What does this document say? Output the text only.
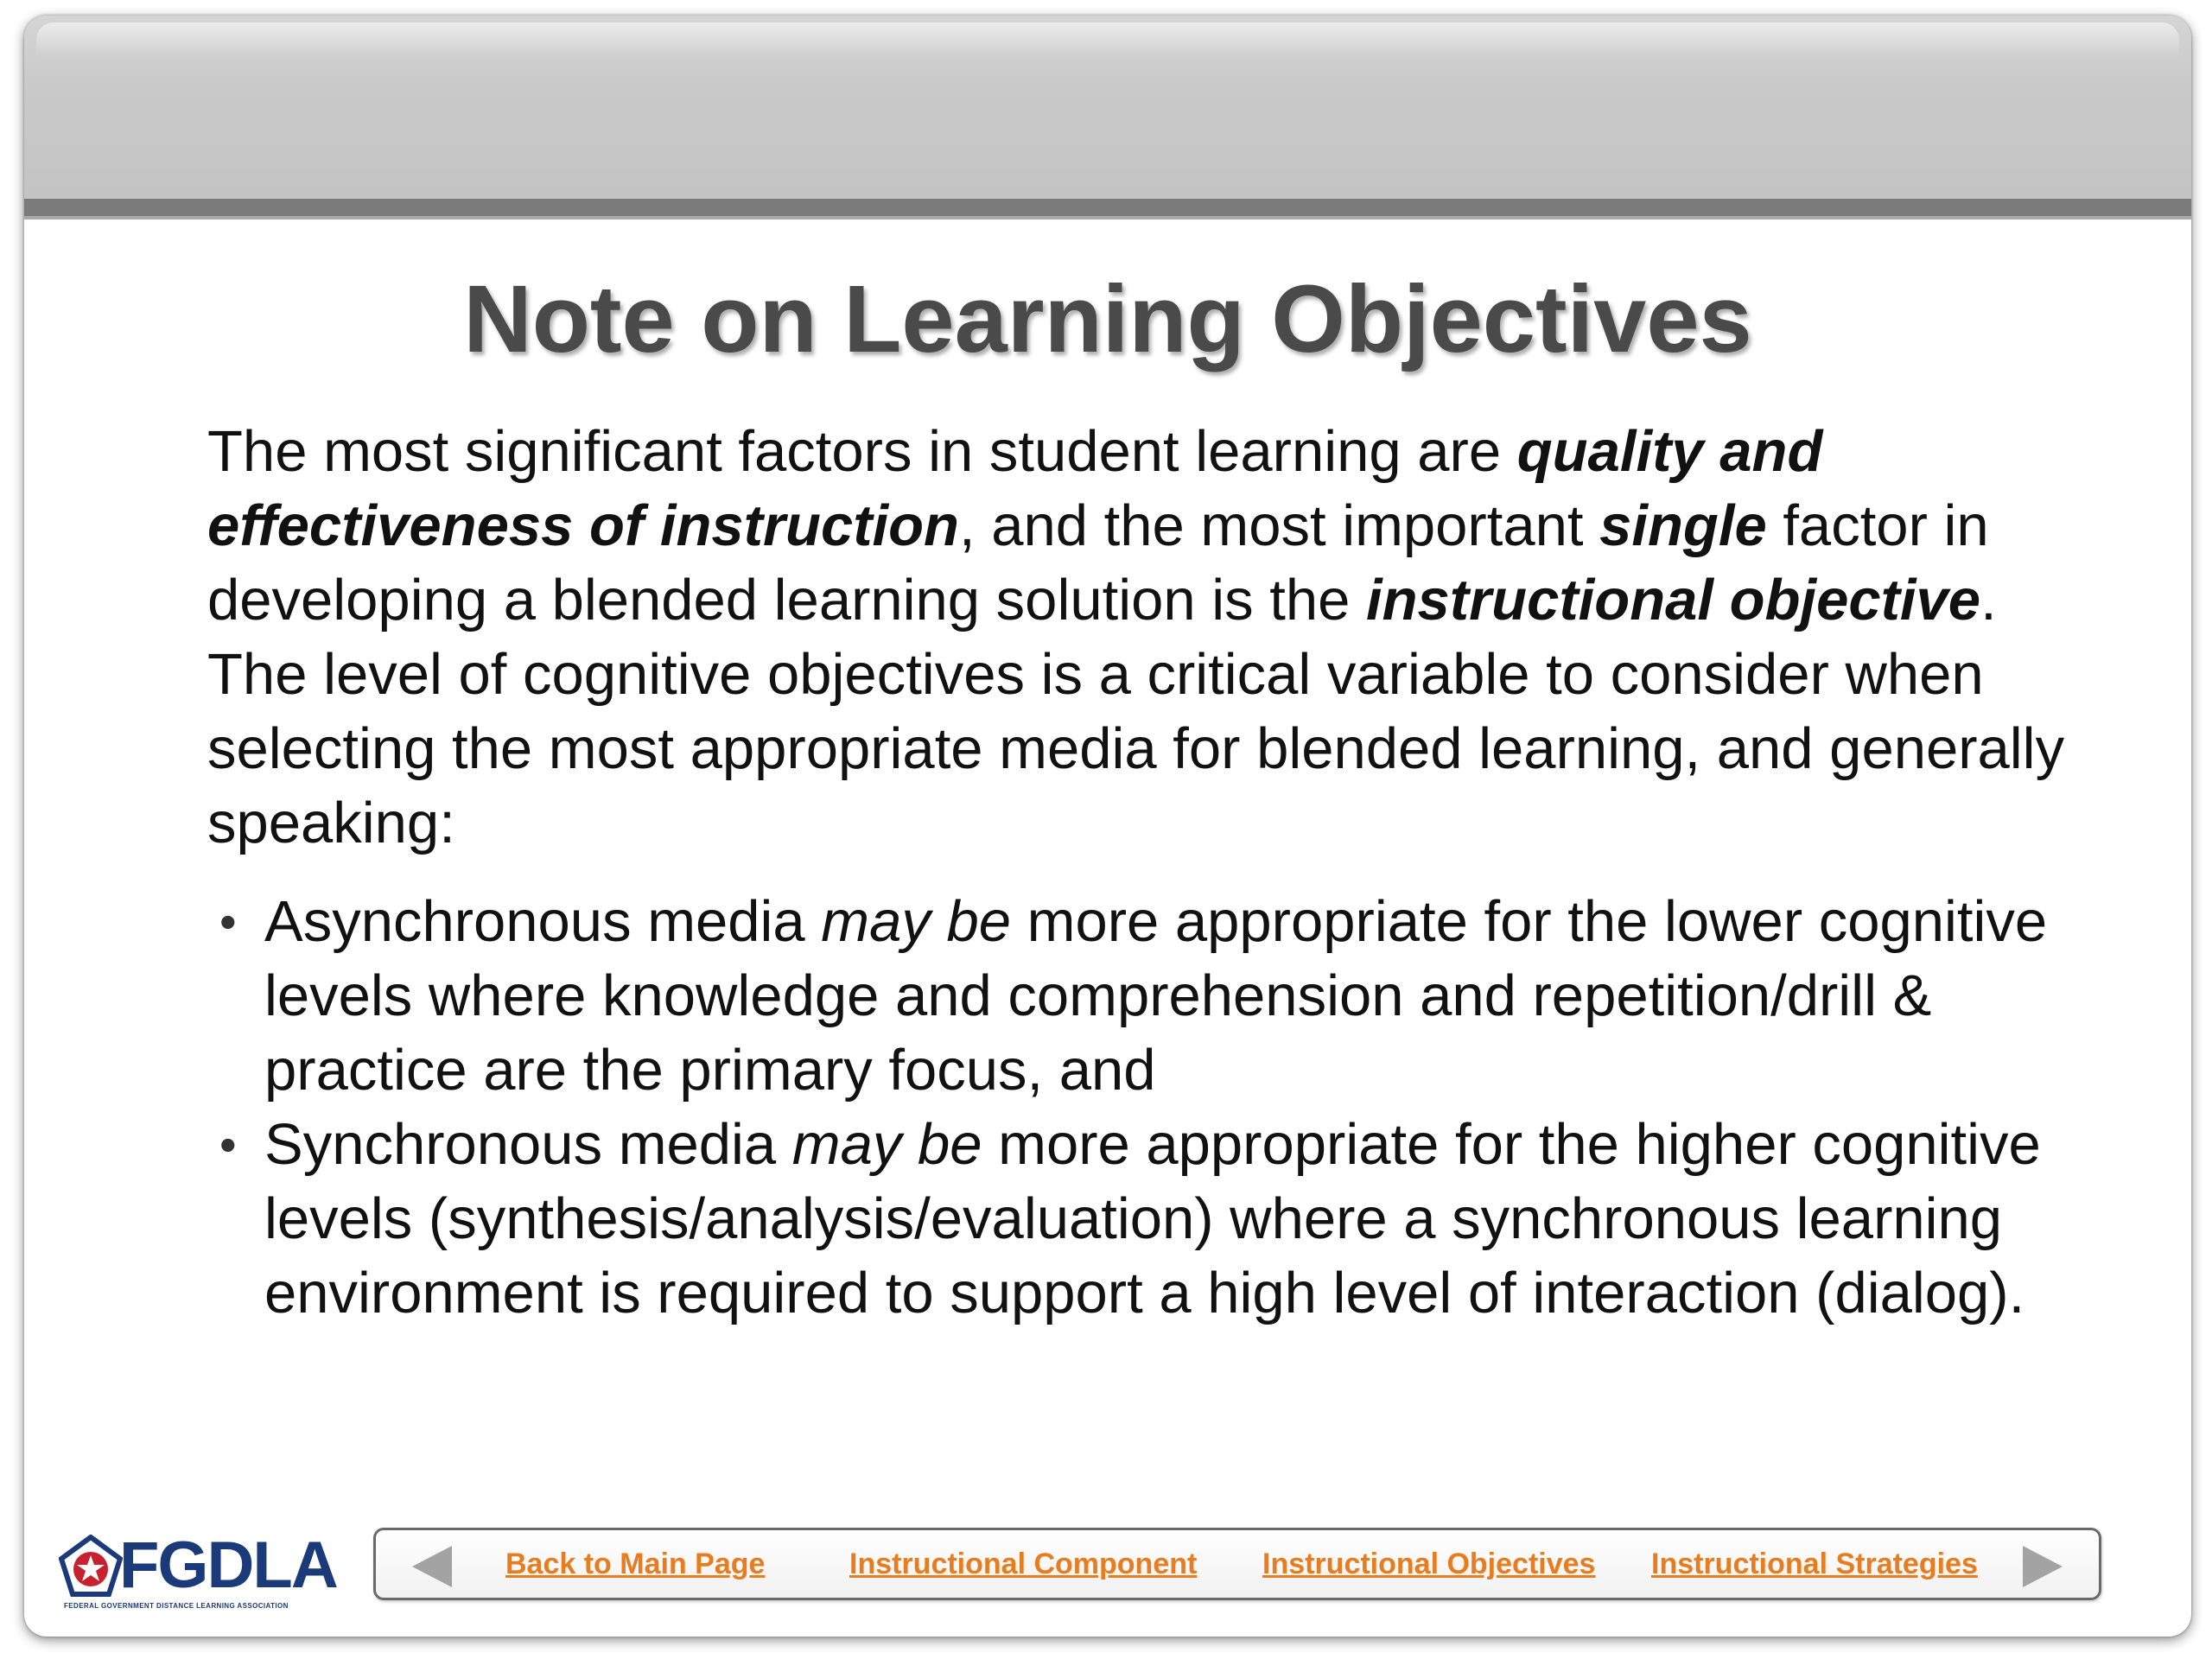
Note on Learning Objectives

The most significant factors in student learning are quality and effectiveness of instruction, and the most important single factor in developing a blended learning solution is the instructional objective. The level of cognitive objectives is a critical variable to consider when selecting the most appropriate media for blended learning, and generally speaking:

• Asynchronous media may be more appropriate for the lower cognitive levels where knowledge and comprehension and repetition/drill & practice are the primary focus, and
• Synchronous media may be more appropriate for the higher cognitive levels (synthesis/analysis/evaluation) where a synchronous learning environment is required to support a high level of interaction (dialog).
FGDLA
FEDERAL GOVERNMENT DISTANCE LEARNING ASSOCIATION
Back to Main Page	Instructional Component Instructional Objectives Instructional Strategies
